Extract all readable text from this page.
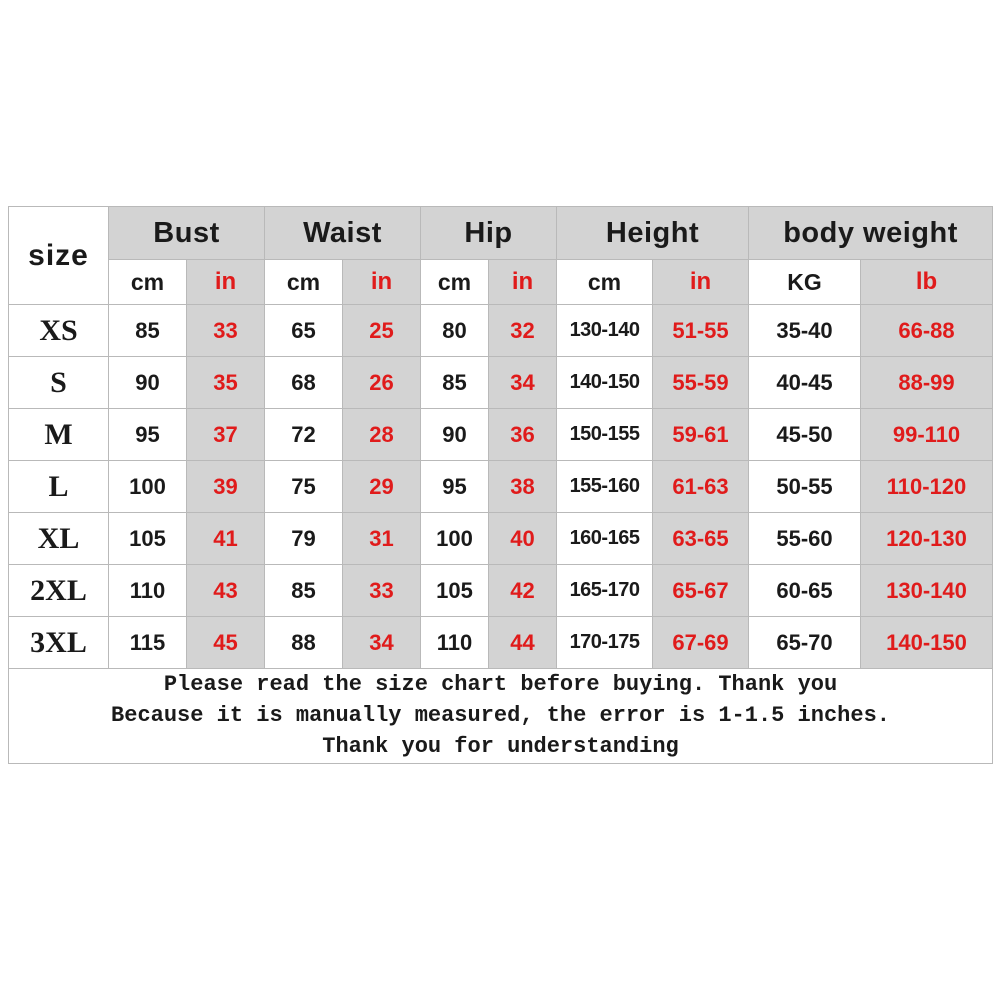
size	Bust		Waist		Hip		Height		body weight	
	cm	in	cm	in	cm	in	cm	in	KG	lb
XS	85	33	65	25	80	32	130-140	51-55	35-40	66-88
S	90	35	68	26	85	34	140-150	55-59	40-45	88-99
M	95	37	72	28	90	36	150-155	59-61	45-50	99-110
L	100	39	75	29	95	38	155-160	61-63	50-55	110-120
XL	105	41	79	31	100	40	160-165	63-65	55-60	120-130
2XL	110	43	85	33	105	42	165-170	65-67	60-65	130-140
3XL	115	45	88	34	110	44	170-175	67-69	65-70	140-150

Please read the size chart before buying. Thank you
Because it is manually measured, the error is 1-1.5 inches.
Thank you for understanding										
